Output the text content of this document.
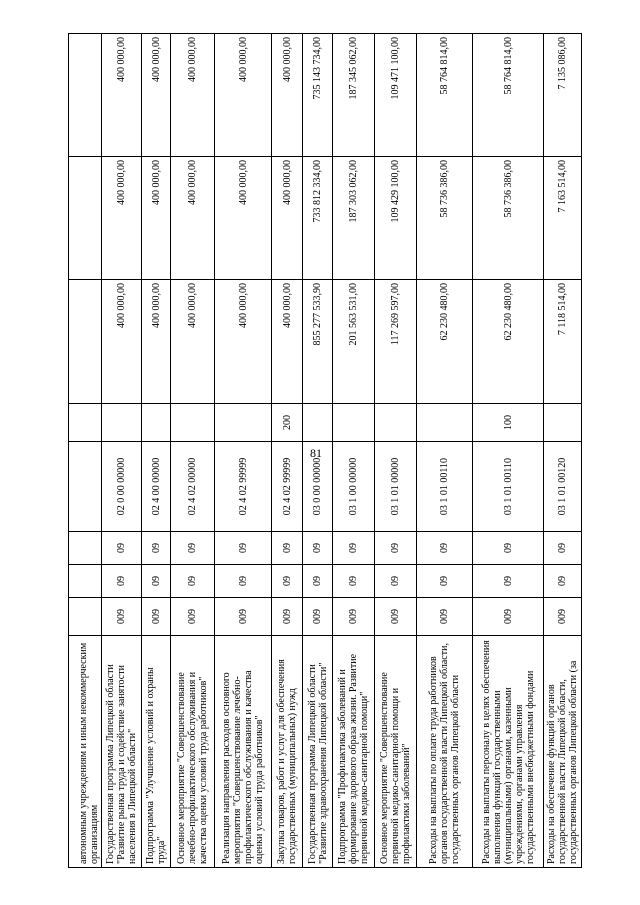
81
автономным учреждениям и иным некоммерческим организациям								
Государственная программа Липецкой области "Развитие рынка труда и содействие занятости населения в Липецкой области"	009	09	09	02 0 00 00000		400 000,00	400 000,00	400 000,00
Подпрограмма "Улучшение условий и охраны труда"	009	09	09	02 4 00 00000		400 000,00	400 000,00	400 000,00
Основное мероприятие "Совершенствование лечебно-профилактического обслуживания и качества оценки условий труда работников"	009	09	09	02 4 02 00000		400 000,00	400 000,00	400 000,00
Реализация направления расходов основного мероприятия "Совершенствование лечебно-профилактического обслуживания и качества оценки условий труда работников"	009	09	09	02 4 02 99999		400 000,00	400 000,00	400 000,00
Закупка товаров, работ и услуг для обеспечения государственных (муниципальных) нужд	009	09	09	02 4 02 99999	200	400 000,00	400 000,00	400 000,00
Государственная программа Липецкой области "Развитие здравоохранения Липецкой области"	009	09	09	03 0 00 00000		855 277 533,90	733 812 334,00	735 143 734,00
Подпрограмма "Профилактика заболеваний и формирование здорового образа жизни. Развитие первичной медико-санитарной помощи"	009	09	09	03 1 00 00000		201 563 531,00	187 303 062,00	187 345 062,00
Основное мероприятие "Совершенствование первичной медико-санитарной помощи и профилактики заболеваний"	009	09	09	03 1 01 00000		117 269 597,00	109 429 100,00	109 471 100,00
Расходы на выплаты по оплате труда работников органов государственной власти Липецкой области, государственных органов Липецкой области	009	09	09	03 1 01 00110		62 230 480,00	58 736 386,00	58 764 814,00
Расходы на выплаты персоналу в целях обеспечения выполнения функций государственными (муниципальными) органами, казенными учреждениями, органами управления государственными внебюджетными фондами	009	09	09	03 1 01 00110	100	62 230 480,00	58 736 386,00	58 764 814,00
Расходы на обеспечение функций органов государственной власти Липецкой области, государственных органов Липецкой области (за	009	09	09	03 1 01 00120		7 118 514,00	7 163 514,00	7 135 086,00
